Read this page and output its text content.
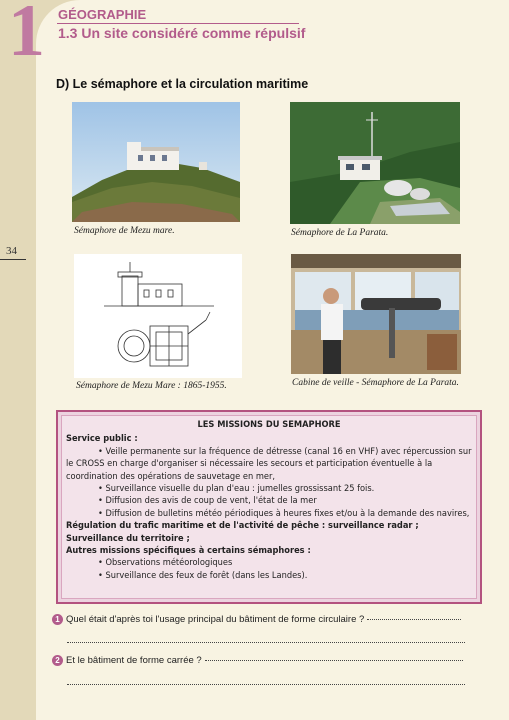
1 GÉOGRAPHIE
1.3 Un site considéré comme répulsif
34
D) Le sémaphore et la circulation maritime
Sémaphore de Mezu mare.	Sémaphore de La Parata.
Sémaphore de Mezu Mare : 1865-1955.	Cabine de veille - Sémaphore de La Parata.
LES MISSIONS DU SEMAPHORE
Service public :
• Veille permanente sur la fréquence de détresse (canal 16 en VHF) avec répercussion sur le CROSS en charge d'organiser si nécessaire les secours et participation éventuelle à la coordination des opérations de sauvetage en mer,
• Surveillance visuelle du plan d'eau : jumelles grossissant 25 fois.
• Diffusion des avis de coup de vent, l'état de la mer
• Diffusion de bulletins météo périodiques à heures fixes et/ou à la demande des navires,
Régulation du trafic maritime et de l'activité de pêche : surveillance radar ;
Surveillance du territoire ;
Autres missions spécifiques à certains sémaphores :
• Observations météorologiques
• Surveillance des feux de forêt (dans les Landes).
1 Quel était d'après toi l'usage principal du bâtiment de forme circulaire ?
2 Et le bâtiment de forme carrée ?
